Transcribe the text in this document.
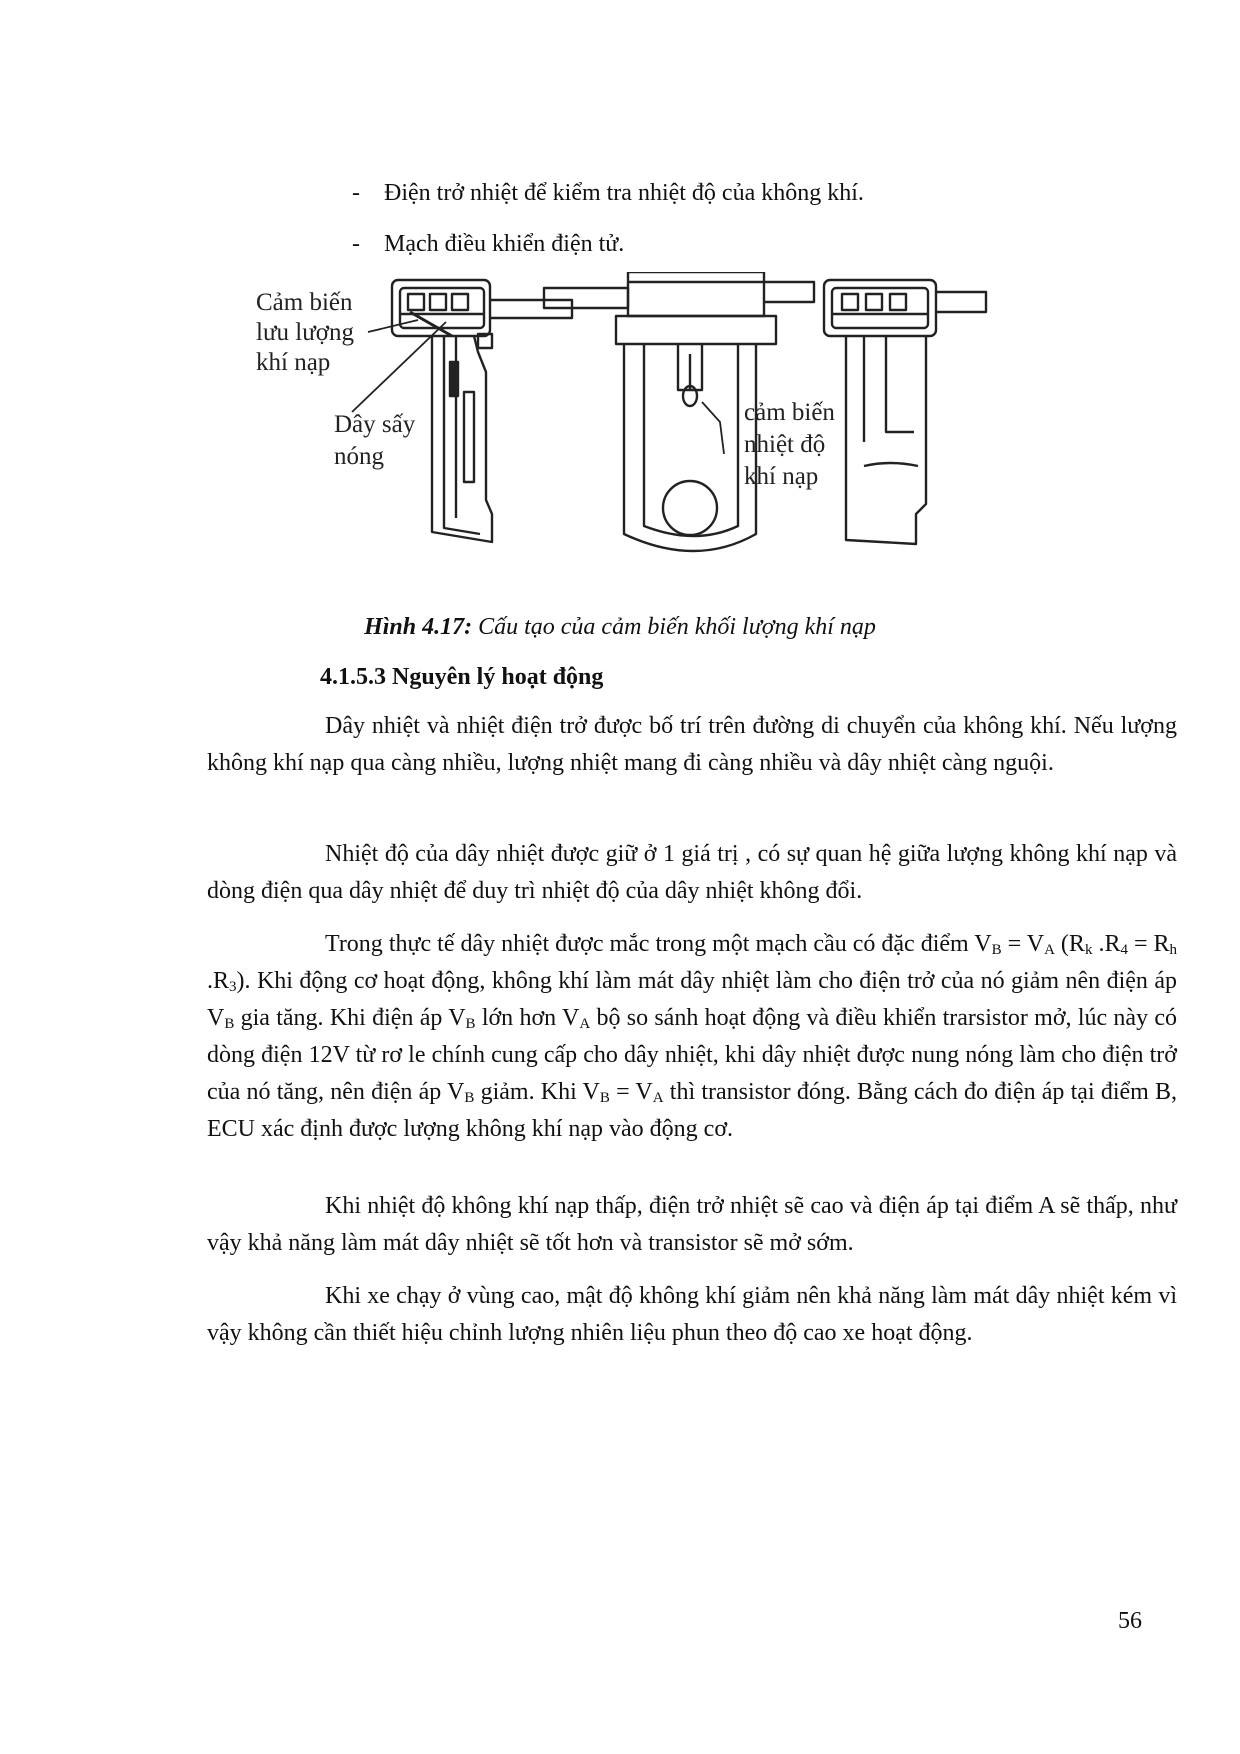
- Điện trở nhiệt để kiểm tra nhiệt độ của không khí.
- Mạch điều khiển điện tử.
Cảm biến
lưu lượng
khí nạp
Dây sấy
nóng
cảm biến
nhiệt độ
khí nạp
Hình 4.17: Cấu tạo của cảm biến khối lượng khí nạp
4.1.5.3 Nguyên lý hoạt động

Dây nhiệt và nhiệt điện trở được bố trí trên đường di chuyển của không khí. Nếu lượng không khí nạp qua càng nhiều, lượng nhiệt mang đi càng nhiều và dây nhiệt càng nguội.

Nhiệt độ của dây nhiệt được giữ ở 1 giá trị , có sự quan hệ giữa lượng không khí nạp và dòng điện qua dây nhiệt để duy trì nhiệt độ của dây nhiệt không đổi.

Trong thực tế dây nhiệt được mắc trong một mạch cầu có đặc điểm $V_B = V_A$ ($R_k$ $.R_4 = R_h$ $.R_3$). Khi động cơ hoạt động, không khí làm mát dây nhiệt làm cho điện trở của nó giảm nên điện áp $V_B$ gia tăng. Khi điện áp $V_B$ lớn hơn $V_A$ bộ so sánh hoạt động và điều khiển trarsistor mở, lúc này có dòng điện 12V từ rơ le chính cung cấp cho dây nhiệt, khi dây nhiệt được nung nóng làm cho điện trở của nó tăng, nên điện áp $V_B$ giảm. Khi $V_B = V_A$ thì transistor đóng. Bằng cách đo điện áp tại điểm B, ECU xác định được lượng không khí nạp vào động cơ.

Khi nhiệt độ không khí nạp thấp, điện trở nhiệt sẽ cao và điện áp tại điểm A sẽ thấp, như vậy khả năng làm mát dây nhiệt sẽ tốt hơn và transistor sẽ mở sớm.

Khi xe chạy ở vùng cao, mật độ không khí giảm nên khả năng làm mát dây nhiệt kém vì vậy không cần thiết hiệu chỉnh lượng nhiên liệu phun theo độ cao xe hoạt động.

56
